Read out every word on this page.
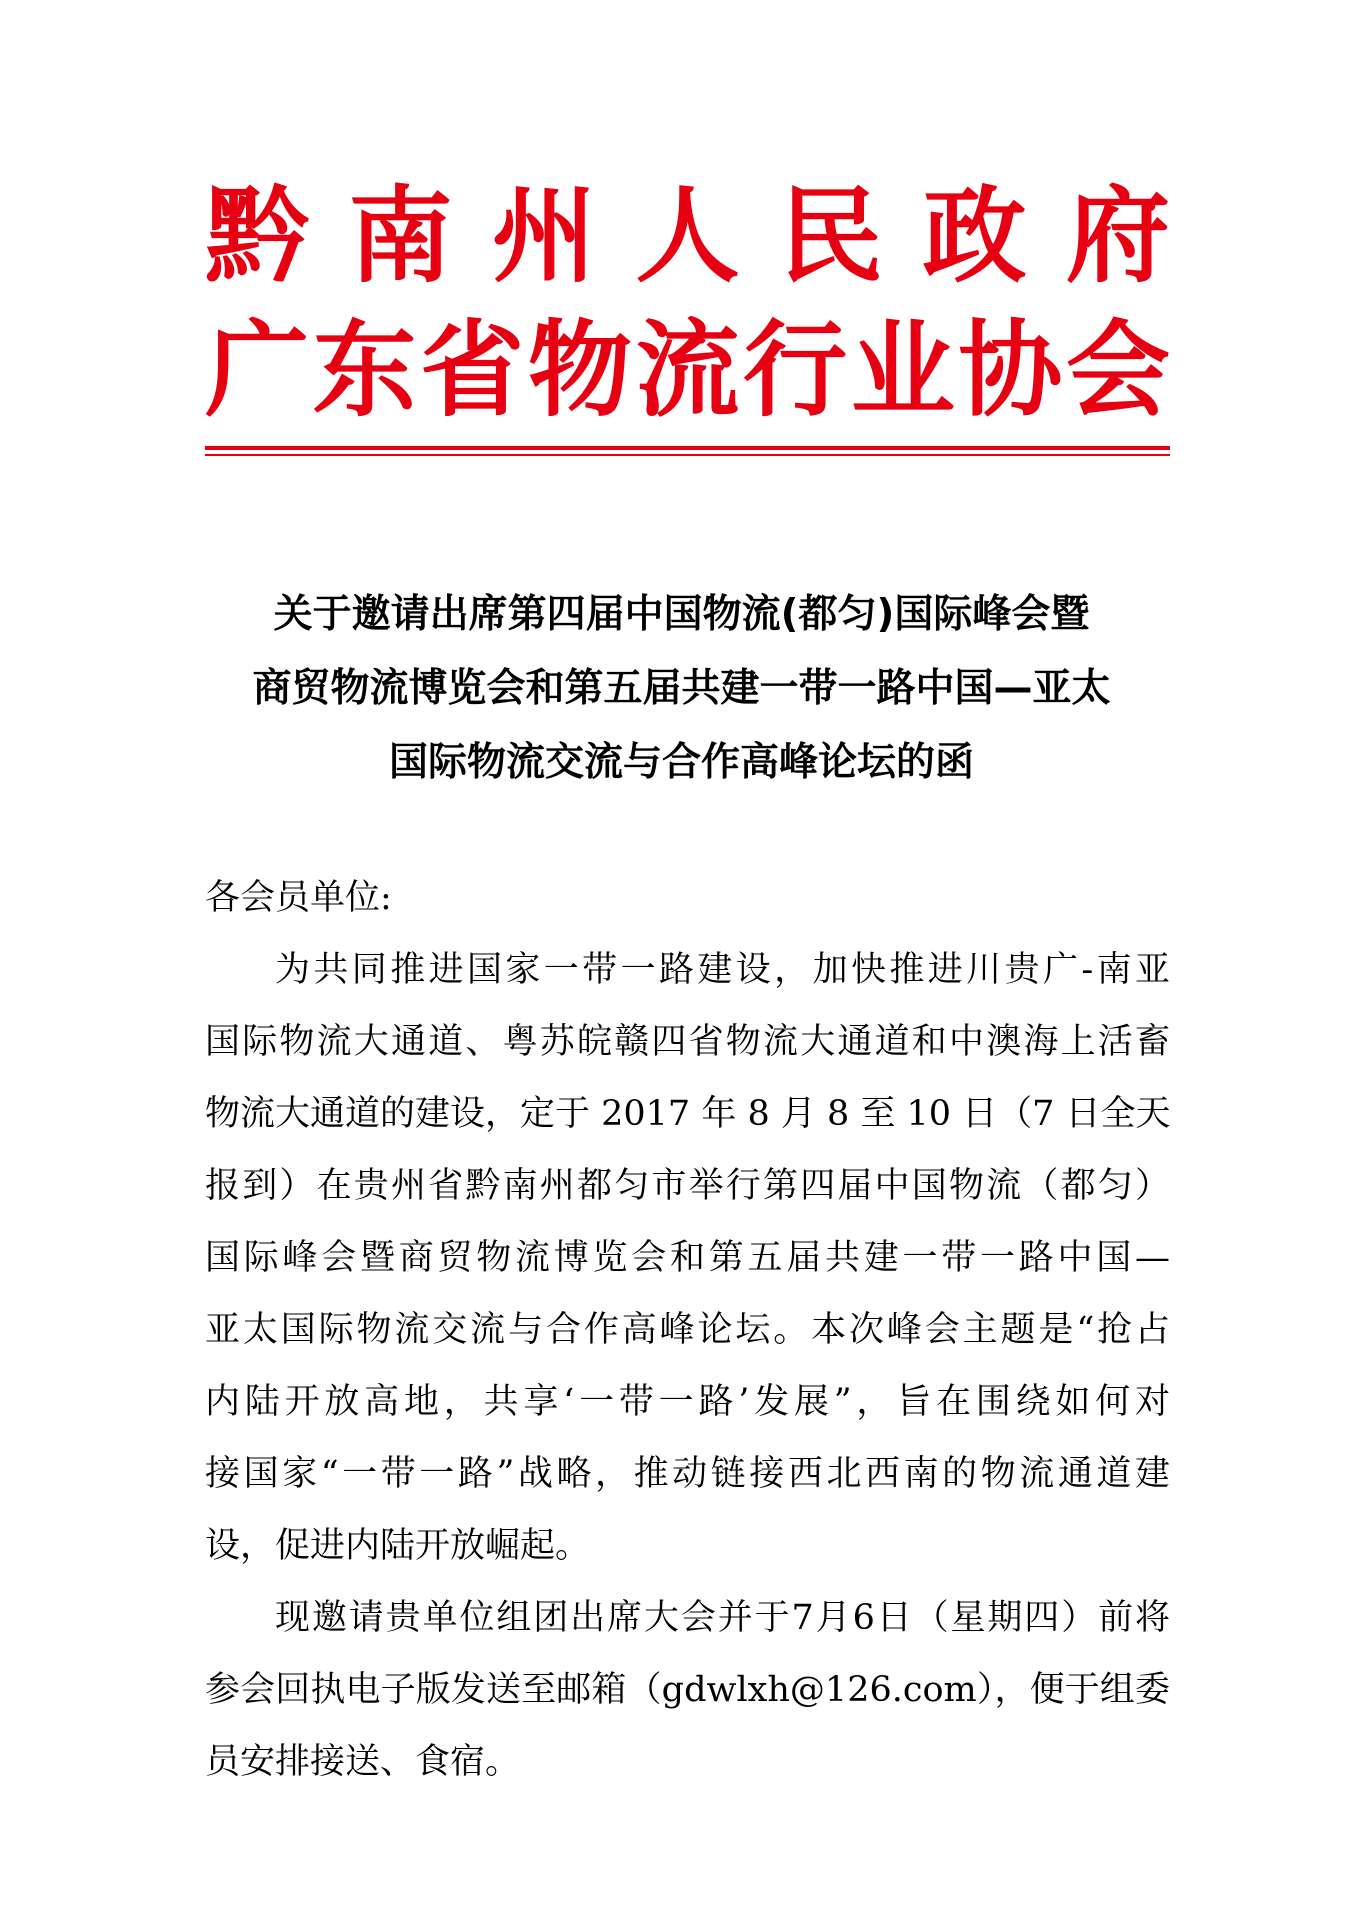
黔 南 州 人 民 政 府
广 东 省 物 流 行 业 协 会
关于邀请出席第四届中国物流(都匀)国际峰会暨
商贸物流博览会和第五届共建一带一路中国—亚太
国际物流交流与合作高峰论坛的函

各会员单位:

为共同推进国家一带一路建设，加快推进川贵广-南亚

国际物流大通道、粤苏皖赣四省物流大通道和中澳海上活畜

物流大通道的建设，定于 2017 年 8 月 8 至 10 日（7 日全天

报到）在贵州省黔南州都匀市举行第四届中国物流（都匀）

国际峰会暨商贸物流博览会和第五届共建一带一路中国—

亚太国际物流交流与合作高峰论坛。本次峰会主题是“抢占

内陆开放高地，共享‘一带一路’发展”，旨在围绕如何对

接国家“一带一路”战略，推动链接西北西南的物流通道建

设，促进内陆开放崛起。

现邀请贵单位组团出席大会并于7月6日（星期四）前将

参会回执电子版发送至邮箱（gdwlxh@126.com），便于组委

员安排接送、食宿。
